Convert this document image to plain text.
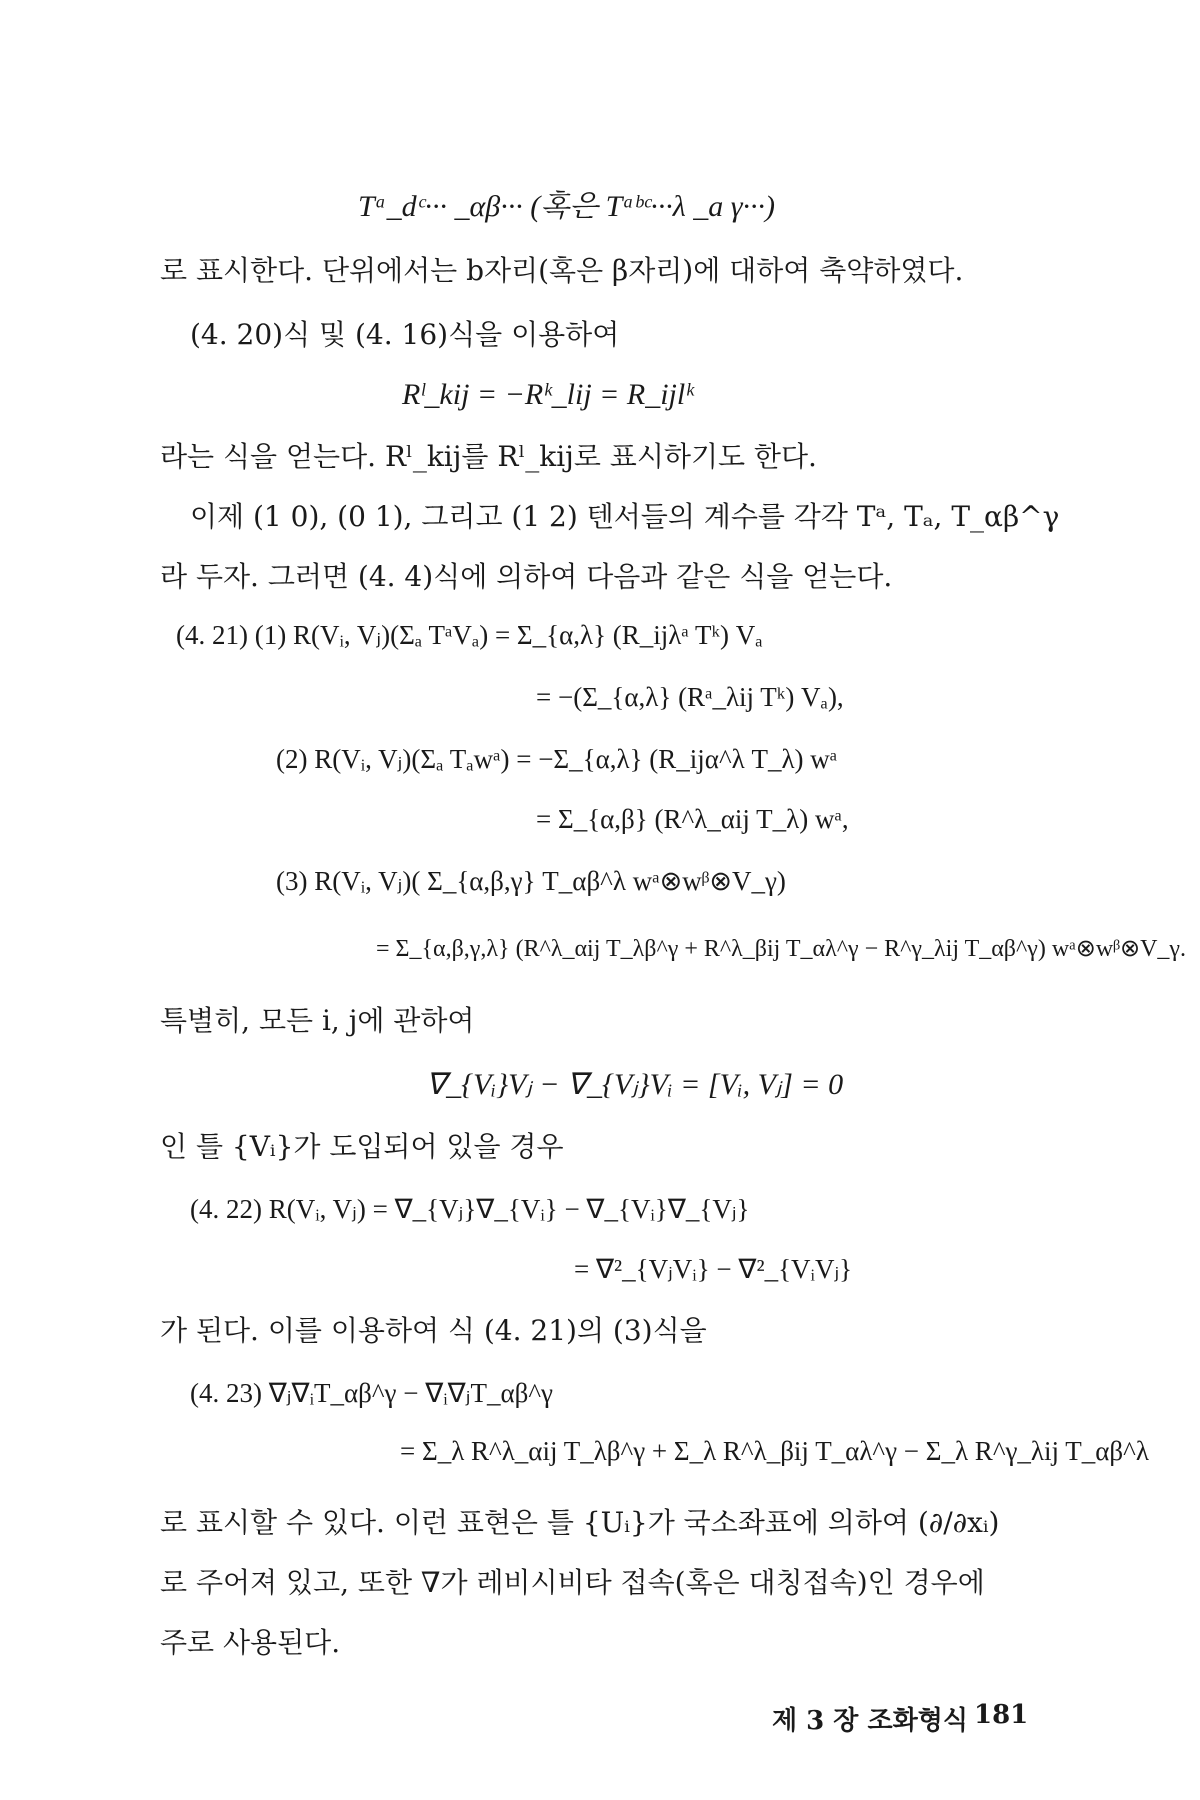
Tᵃ_dᶜ··· _αβ··· (혹은 Tᵃᵇᶜ···λ _a γ···)
로 표시한다. 단위에서는 b자리(혹은 β자리)에 대하여 축약하였다.
(4. 20)식 및 (4. 16)식을 이용하여
Rˡ_kij = −Rᵏ_lij = R_ijlᵏ
라는 식을 얻는다. Rˡ_kij를 Rˡ_kij로 표시하기도 한다.
이제 (1 0), (0 1), 그리고 (1 2) 텐서들의 계수를 각각 Tᵃ, Tₐ, T_αβ^γ
라 두자. 그러면 (4. 4)식에 의하여 다음과 같은 식을 얻는다.
(4. 21) (1) R(Vᵢ, Vⱼ)(Σₐ TᵃVₐ) = Σ_{α,λ} (R_ijλᵃ Tᵏ) Vₐ
= −(Σ_{α,λ} (Rᵃ_λij Tᵏ) Vₐ),
(2) R(Vᵢ, Vⱼ)(Σₐ Tₐwᵃ) = −Σ_{α,λ} (R_ijα^λ T_λ) wᵃ
= Σ_{α,β} (R^λ_αij T_λ) wᵃ,
(3) R(Vᵢ, Vⱼ)( Σ_{α,β,γ} T_αβ^λ wᵃ⊗wᵝ⊗V_γ)
= Σ_{α,β,γ,λ} (R^λ_αij T_λβ^γ + R^λ_βij T_αλ^γ − R^γ_λij T_αβ^γ) wᵃ⊗wᵝ⊗V_γ.
특별히, 모든 i, j에 관하여
∇_{Vᵢ}Vⱼ − ∇_{Vⱼ}Vᵢ = [Vᵢ, Vⱼ] = 0
인 틀 {Vᵢ}가 도입되어 있을 경우
(4. 22) R(Vᵢ, Vⱼ) = ∇_{Vⱼ}∇_{Vᵢ} − ∇_{Vᵢ}∇_{Vⱼ}
= ∇²_{VⱼVᵢ} − ∇²_{VᵢVⱼ}
가 된다. 이를 이용하여 식 (4. 21)의 (3)식을
(4. 23) ∇ⱼ∇ᵢT_αβ^γ − ∇ᵢ∇ⱼT_αβ^γ
= Σ_λ R^λ_αij T_λβ^γ + Σ_λ R^λ_βij T_αλ^γ − Σ_λ R^γ_λij T_αβ^λ
로 표시할 수 있다. 이런 표현은 틀 {Uᵢ}가 국소좌표에 의하여 (∂/∂xᵢ)
로 주어져 있고, 또한 ∇가 레비시비타 접속(혹은 대칭접속)인 경우에
주로 사용된다.
제 3 장 조화형식 181
